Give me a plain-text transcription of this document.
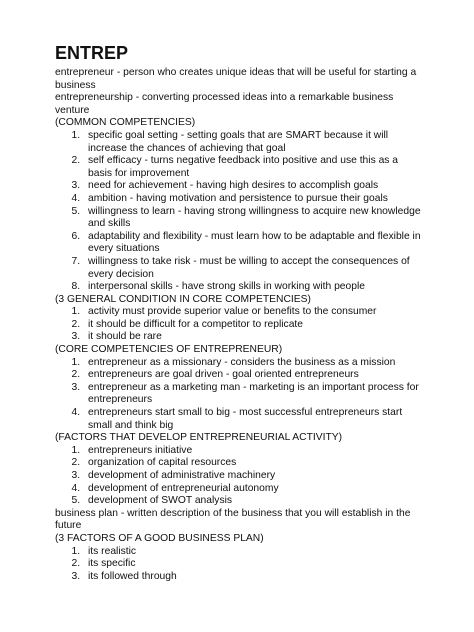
ENTREP

entrepreneur - person who creates unique ideas that will be useful for starting a business

entrepreneurship - converting processed ideas into a remarkable business venture

(COMMON COMPETENCIES)

1. specific goal setting - setting goals that are SMART because it will increase the chances of achieving that goal
2. self efficacy - turns negative feedback into positive and use this as a basis for improvement
3. need for achievement - having high desires to accomplish goals
4. ambition - having motivation and persistence to pursue their goals
5. willingness to learn - having strong willingness to acquire new knowledge and skills
6. adaptability and flexibility - must learn how to be adaptable and flexible in every situations
7. willingness to take risk - must be willing to accept the consequences of every decision
8. interpersonal skills - have strong skills in working with people

(3 GENERAL CONDITION IN CORE COMPETENCIES)

1. activity must provide superior value or benefits to the consumer
2. it should be difficult for a competitor to replicate
3. it should be rare

(CORE COMPETENCIES OF ENTREPRENEUR)

1. entrepreneur as a missionary - considers the business as a mission
2. entrepreneurs are goal driven - goal oriented entrepreneurs
3. entrepreneur as a marketing man - marketing is an important process for entrepreneurs
4. entrepreneurs start small to big - most successful entrepreneurs start small and think big

(FACTORS THAT DEVELOP ENTREPRENEURIAL ACTIVITY)

1. entrepreneurs initiative
2. organization of capital resources
3. development of administrative machinery
4. development of entrepreneurial autonomy
5. development of SWOT analysis

business plan - written description of the business that you will establish in the future

(3 FACTORS OF A GOOD BUSINESS PLAN)

1. its realistic
2. its specific
3. its followed through
